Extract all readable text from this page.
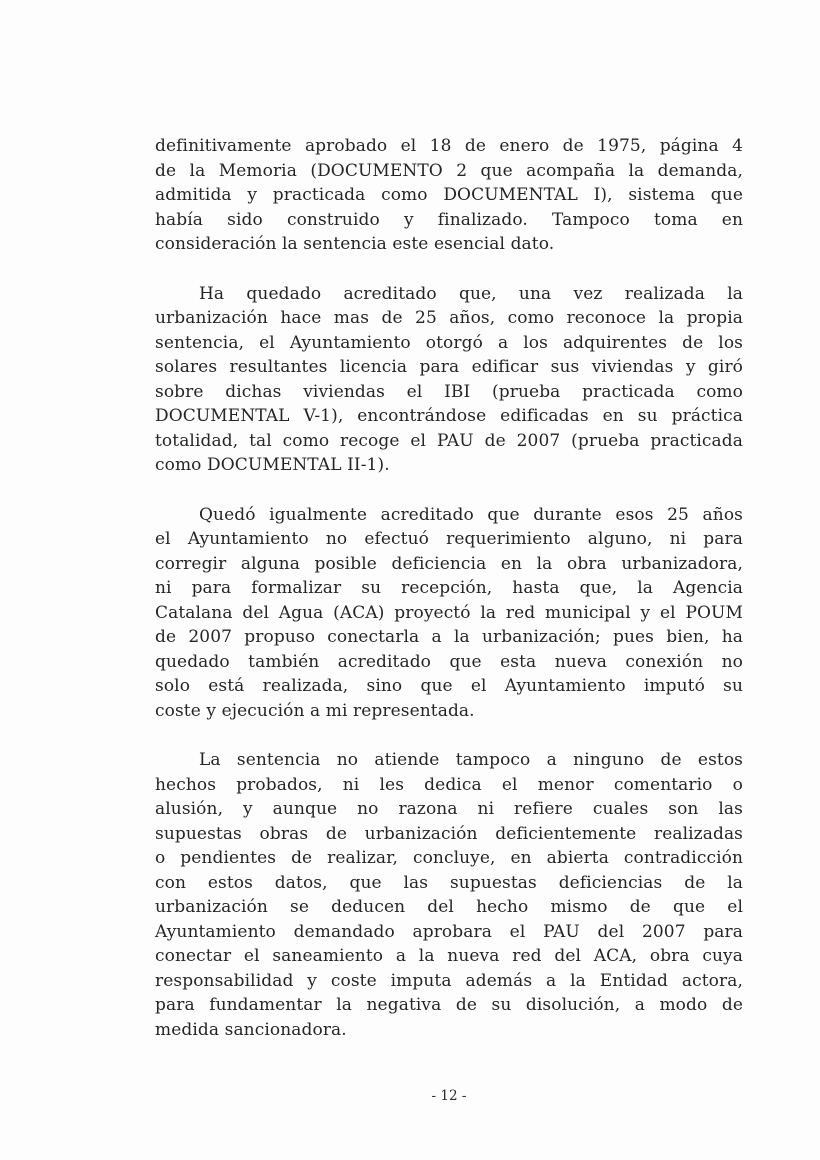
definitivamente aprobado el 18 de enero de 1975, página 4
de la Memoria (DOCUMENTO 2 que acompaña la demanda,
admitida y practicada como DOCUMENTAL I), sistema que
había sido construido y finalizado. Tampoco toma en
consideración la sentencia este esencial dato.

Ha quedado acreditado que, una vez realizada la
urbanización hace mas de 25 años, como reconoce la propia
sentencia, el Ayuntamiento otorgó a los adquirentes de los
solares resultantes licencia para edificar sus viviendas y giró
sobre dichas viviendas el IBI (prueba practicada como
DOCUMENTAL V-1), encontrándose edificadas en su práctica
totalidad, tal como recoge el PAU de 2007 (prueba practicada
como DOCUMENTAL II-1).

Quedó igualmente acreditado que durante esos 25 años
el Ayuntamiento no efectuó requerimiento alguno, ni para
corregir alguna posible deficiencia en la obra urbanizadora,
ni para formalizar su recepción, hasta que, la Agencia
Catalana del Agua (ACA) proyectó la red municipal y el POUM
de 2007 propuso conectarla a la urbanización; pues bien, ha
quedado también acreditado que esta nueva conexión no
solo está realizada, sino que el Ayuntamiento imputó su
coste y ejecución a mi representada.

La sentencia no atiende tampoco a ninguno de estos
hechos probados, ni les dedica el menor comentario o
alusión, y aunque no razona ni refiere cuales son las
supuestas obras de urbanización deficientemente realizadas
o pendientes de realizar, concluye, en abierta contradicción
con estos datos, que las supuestas deficiencias de la
urbanización se deducen del hecho mismo de que el
Ayuntamiento demandado aprobara el PAU del 2007 para
conectar el saneamiento a la nueva red del ACA, obra cuya
responsabilidad y coste imputa además a la Entidad actora,
para fundamentar la negativa de su disolución, a modo de
medida sancionadora.

- 12 -
